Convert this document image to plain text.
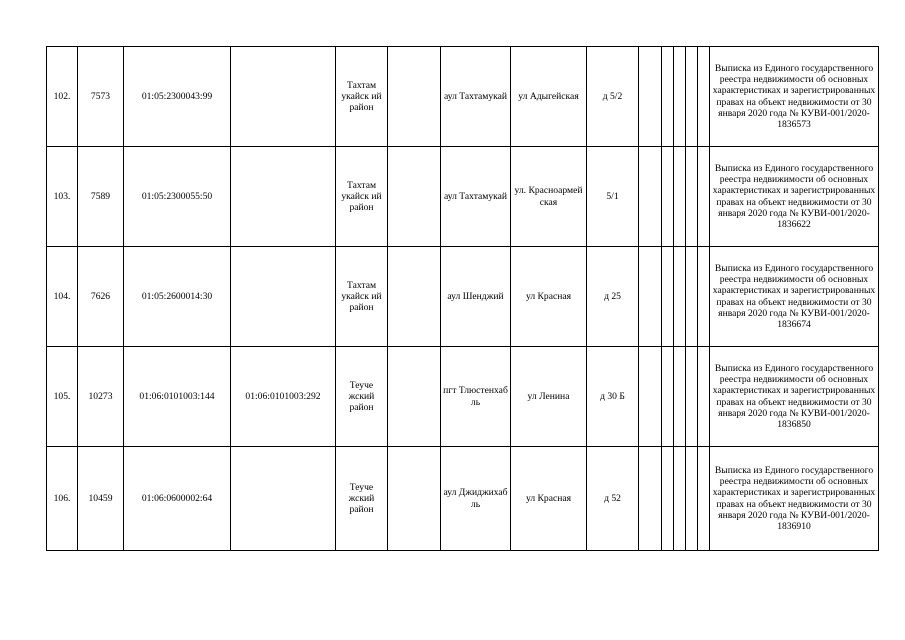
102.	7573	01:05:2300043:99		Тахтам укайск ий район		аул Тахтамукай	ул Адыгейская	д 5/2						Выписка из Единого государственного реестра недвижимости об основных характеристиках и зарегистрированных правах на объект недвижимости от 30 января 2020 года № КУВИ-001/2020-1836573
103.	7589	01:05:2300055:50		Тахтам укайск ий район		аул Тахтамукай	ул. Красноармей ская	5/1						Выписка из Единого государственного реестра недвижимости об основных характеристиках и зарегистрированных правах на объект недвижимости от 30 января 2020 года № КУВИ-001/2020-1836622
104.	7626	01:05:2600014:30		Тахтам укайск ий район		аул Шенджий	ул Красная	д 25						Выписка из Единого государственного реестра недвижимости об основных характеристиках и зарегистрированных правах на объект недвижимости от 30 января 2020 года № КУВИ-001/2020-1836674
105.	10273	01:06:0101003:144	01:06:0101003:292	Теуче жский район		пгт Тлюстенхаб ль	ул Ленина	д 30 Б						Выписка из Единого государственного реестра недвижимости об основных характеристиках и зарегистрированных правах на объект недвижимости от 30 января 2020 года № КУВИ-001/2020-1836850
106.	10459	01:06:0600002:64		Теуче жский район		аул Джиджихаб ль	ул Красная	д 52						Выписка из Единого государственного реестра недвижимости об основных характеристиках и зарегистрированных правах на объект недвижимости от 30 января 2020 года № КУВИ-001/2020-1836910
